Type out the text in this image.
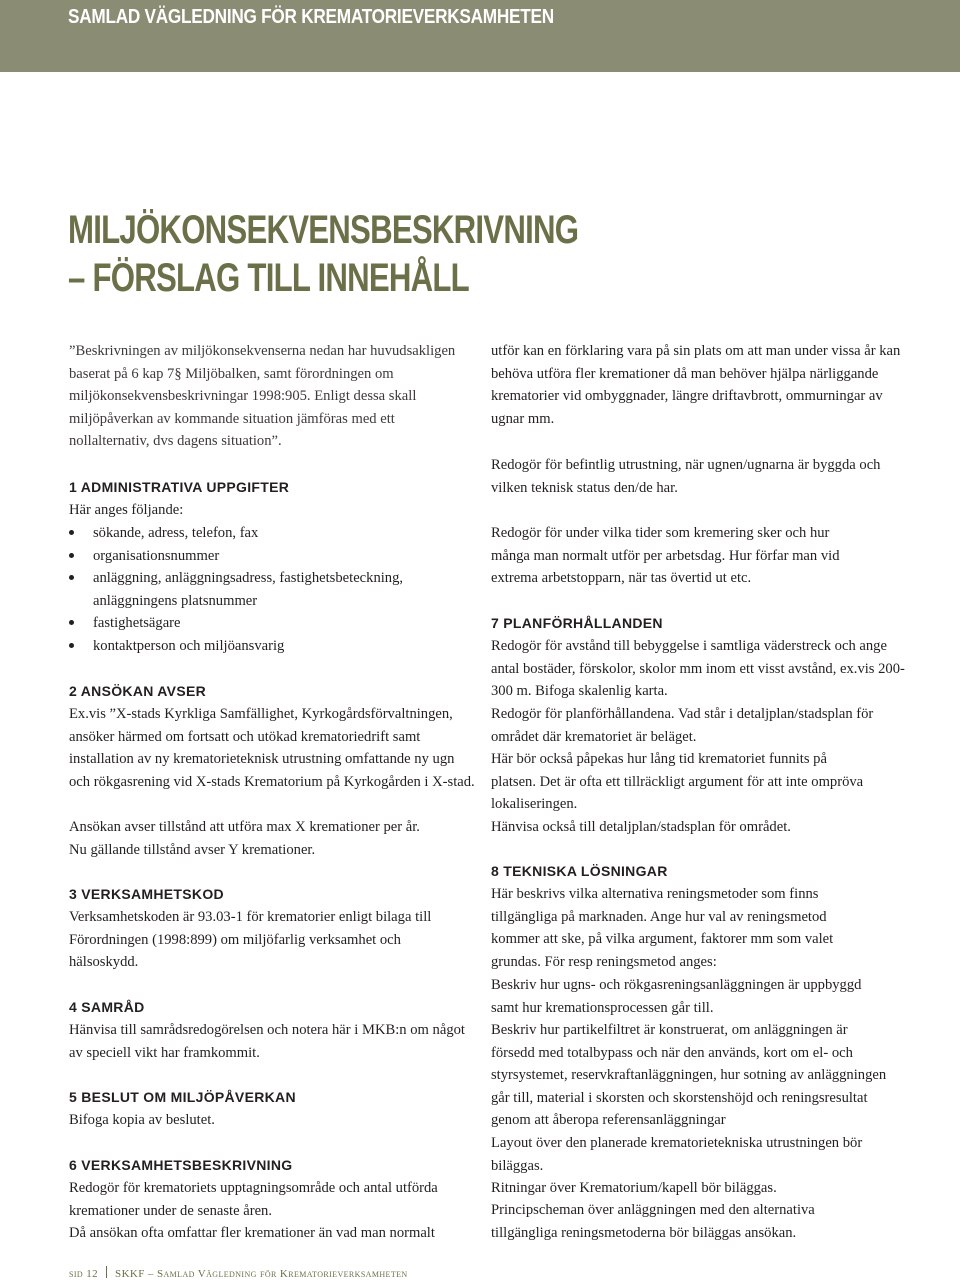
SAMLAD VÄGLEDNING FÖR KREMATORIEVERKSAMHETEN
MILJÖKONSEKVENSBESKRIVNING
– FÖRSLAG TILL INNEHÅLL

”Beskrivningen av miljökonsekvenserna nedan har huvudsakligen baserat på 6 kap 7§ Miljöbalken, samt förordningen om miljökonsekvensbeskrivningar 1998:905. Enligt dessa skall miljöpåverkan av kommande situation jämföras med ett nollalternativ, dvs dagens situation”.

1 ADMINISTRATIVA UPPGIFTER

Här anges följande:

sökande, adress, telefon, fax
organisationsnummer
anläggning, anläggningsadress, fastighetsbeteckning, anläggningens platsnummer
fastighetsägare
kontaktperson och miljöansvarig
2 ANSÖKAN AVSER

Ex.vis ”X-stads Kyrkliga Samfällighet, Kyrkogårdsförvaltningen, ansöker härmed om fortsatt och utökad krematoriedrift samt installation av ny krematorieteknisk utrustning omfattande ny ugn och rökgasrening vid X-stads Krematorium på Kyrkogården i X-stad.

Ansökan avser tillstånd att utföra max X kremationer per år.

Nu gällande tillstånd avser Y kremationer.

3 VERKSAMHETSKOD

Verksamhetskoden är 93.03-1 för krematorier enligt bilaga till Förordningen (1998:899) om miljöfarlig verksamhet och hälsoskydd.

4 SAMRÅD

Hänvisa till samrådsredogörelsen och notera här i MKB:n om något av speciell vikt har framkommit.

5 BESLUT OM MILJÖPÅVERKAN

Bifoga kopia av beslutet.

6 VERKSAMHETSBESKRIVNING

Redogör för krematoriets upptagningsområde och antal utförda kremationer under de senaste åren.

Då ansökan ofta omfattar fler kremationer än vad man normalt

utför kan en förklaring vara på sin plats om att man under vissa år kan behöva utföra fler kremationer då man behöver hjälpa närliggande krematorier vid ombyggnader, längre driftavbrott, ommurningar av ugnar mm.

Redogör för befintlig utrustning, när ugnen/ugnarna är byggda och vilken teknisk status den/de har.

Redogör för under vilka tider som kremering sker och hur många man normalt utför per arbetsdag. Hur förfar man vid extrema arbetstopparn, när tas övertid ut etc.

7 PLANFÖRHÅLLANDEN

Redogör för avstånd till bebyggelse i samtliga väderstreck och ange antal bostäder, förskolor, skolor mm inom ett visst avstånd, ex.vis 200-300 m. Bifoga skalenlig karta.

Redogör för planförhållandena. Vad står i detaljplan/stadsplan för området där krematoriet är beläget.

Här bör också påpekas hur lång tid krematoriet funnits på platsen. Det är ofta ett tillräckligt argument för att inte ompröva lokaliseringen.

Hänvisa också till detaljplan/stadsplan för området.

8 TEKNISKA LÖSNINGAR

Här beskrivs vilka alternativa reningsmetoder som finns tillgängliga på marknaden. Ange hur val av reningsmetod kommer att ske, på vilka argument, faktorer mm som valet grundas. För resp reningsmetod anges:

Beskriv hur ugns- och rökgasreningsanläggningen är uppbyggd samt hur kremationsprocessen går till.

Beskriv hur partikelfiltret är konstruerat, om anläggningen är försedd med totalbypass och när den används, kort om el- och styrsystemet, reservkraftanläggningen, hur sotning av anläggningen går till, material i skorsten och skorstenshöjd och reningsresultat genom att åberopa referensanläggningar

Layout över den planerade krematorietekniska utrustningen bör biläggas.

Ritningar över Krematorium/kapell bör biläggas.

Principscheman över anläggningen med den alternativa tillgängliga reningsmetoderna bör biläggas ansökan.

sid 12 SKKF – Samlad Vägledning för Krematorieverksamheten
